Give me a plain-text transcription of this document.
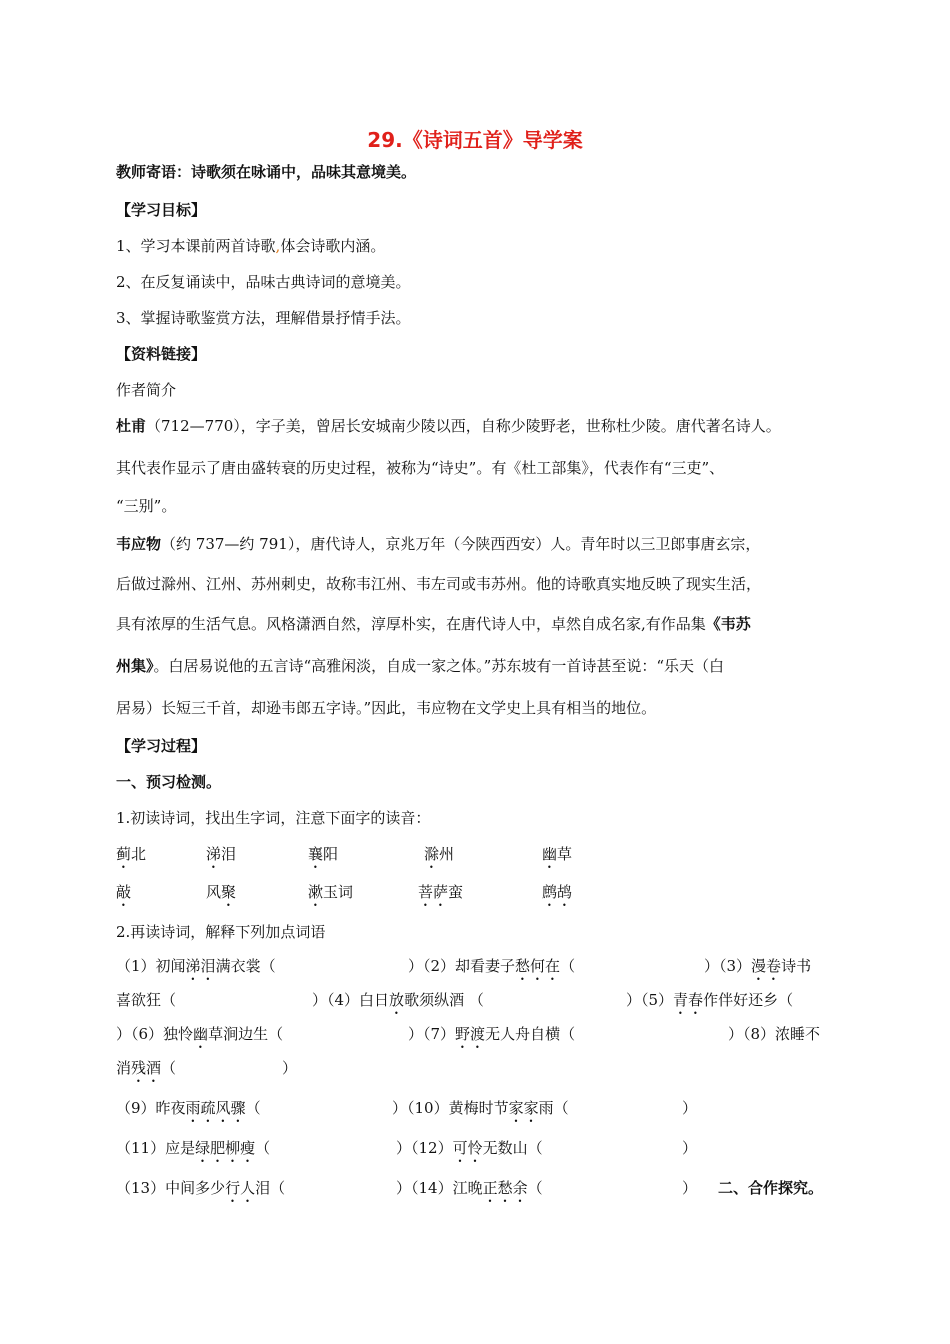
29.《诗词五首》导学案

教师寄语：诗歌须在咏诵中，品味其意境美。

【学习目标】

1、学习本课前两首诗歌,体会诗歌内涵。

2、在反复诵读中，品味古典诗词的意境美。

3、掌握诗歌鉴赏方法，理解借景抒情手法。

【资料链接】

作者简介

杜甫（712—770），字子美，曾居长安城南少陵以西，自称少陵野老，世称杜少陵。唐代著名诗人。

其代表作显示了唐由盛转衰的历史过程，被称为“诗史”。有《杜工部集》，代表作有“三吏”、

“三别”。

韦应物（约 737—约 791），唐代诗人，京兆万年（今陕西西安）人。青年时以三卫郎事唐玄宗，

后做过滁州、江州、苏州刺史，故称韦江州、韦左司或韦苏州。他的诗歌真实地反映了现实生活，

具有浓厚的生活气息。风格潇洒自然，淳厚朴实，在唐代诗人中，卓然自成名家,有作品集《韦苏

州集》。白居易说他的五言诗“高雅闲淡，自成一家之体。”苏东坡有一首诗甚至说：“乐天（白

居易）长短三千首，却逊韦郎五字诗。”因此，韦应物在文学史上具有相当的地位。

【学习过程】

一、预习检测。

1.初读诗词，找出生字词，注意下面字的读音：

蓟北	涕泪	襄阳	滁州	幽草
敲	风聚	漱玉词	菩萨蛮	鹧鸪

2.再读诗词，解释下列加点词语

（1）初闻涕泪满衣裳（	）（2）却看妻子愁何在（	）（3）漫卷诗书
喜欲狂（	）（4）白日放歌须纵酒 （	）（5）青春作伴好还乡（
）（6）独怜幽草涧边生（	）（7）野渡无人舟自横（	）（8）浓睡不
消残酒（	）
（9）昨夜雨疏风骤（	）（10）黄梅时节家家雨（	）
（11）应是绿肥柳瘦（	）（12）可怜无数山（	）
（13）中间多少行人泪（	）（14）江晚正愁余（	） 二、合作探究。
